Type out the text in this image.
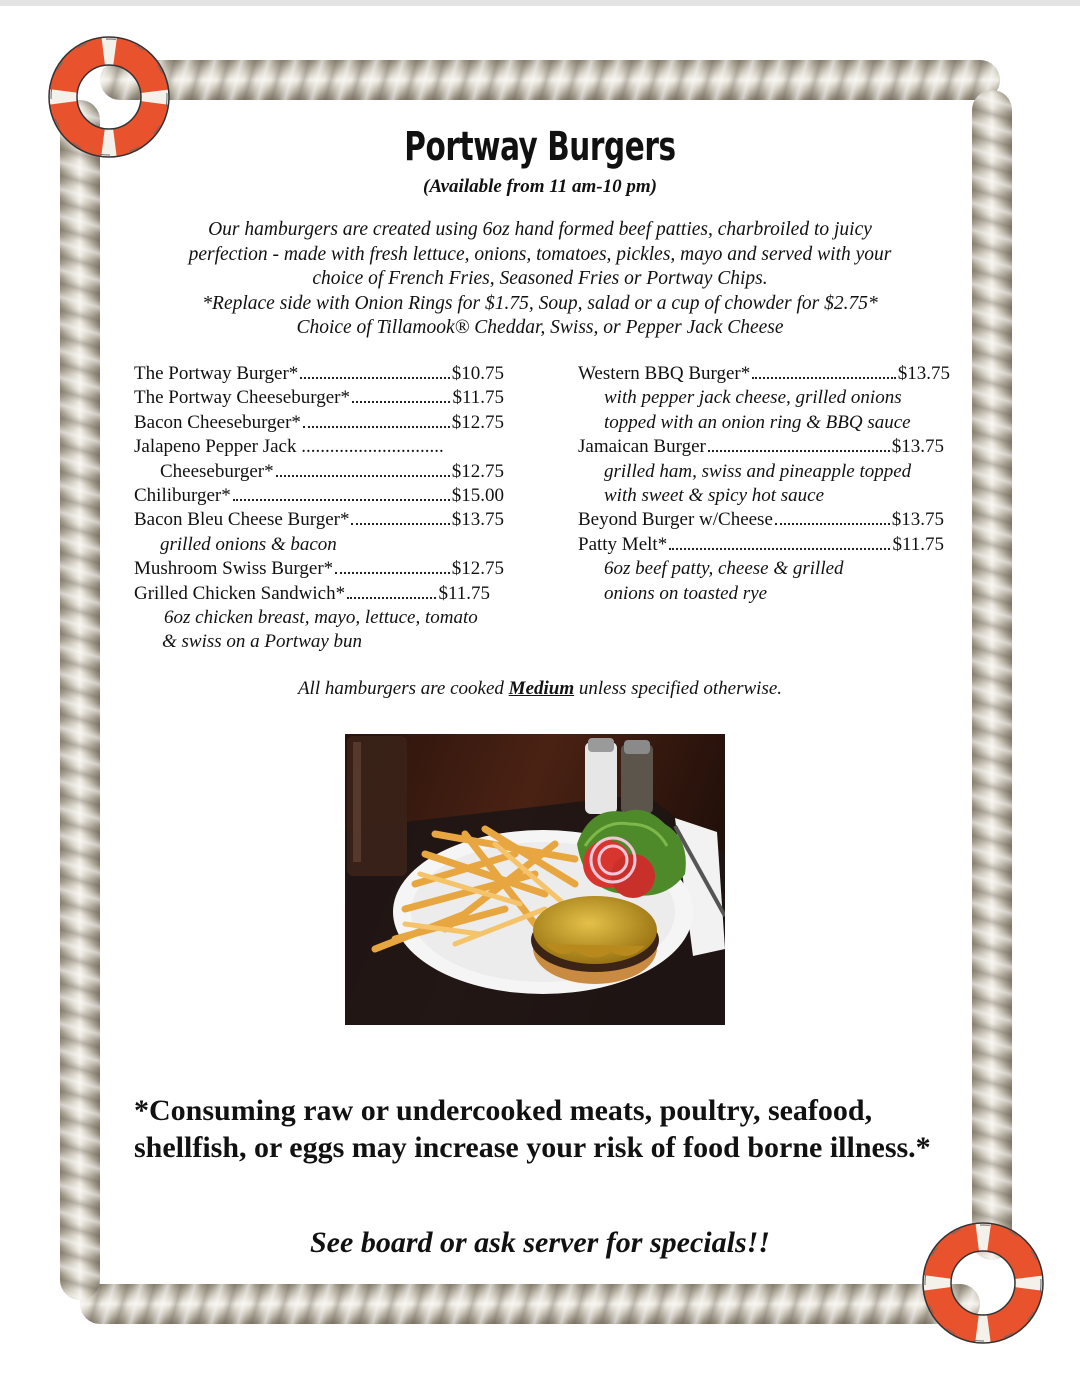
Portway Burgers
(Available from 11 am-10 pm)
Our hamburgers are created using 6oz hand formed beef patties, charbroiled to juicy
perfection - made with fresh lettuce, onions, tomatoes, pickles, mayo and served with your
choice of French Fries, Seasoned Fries or Portway Chips.
*Replace side with Onion Rings for $1.75, Soup, salad or a cup of chowder for $2.75*
Choice of Tillamook® Cheddar, Swiss, or Pepper Jack Cheese
The Portway Burger*	$10.75
The Portway Cheeseburger*	$11.75
Bacon Cheeseburger*	$12.75
Jalapeno Pepper Jack ..............................
Cheeseburger*	$12.75
Chiliburger*	$15.00
Bacon Bleu Cheese Burger*	$13.75
grilled onions & bacon
Mushroom Swiss Burger*	$12.75
Grilled Chicken Sandwich*	$11.75
6oz chicken breast, mayo, lettuce, tomato
& swiss on a Portway bun
Western BBQ Burger*	$13.75
with pepper jack cheese, grilled onions
topped with an onion ring & BBQ sauce
Jamaican Burger	$13.75
grilled ham, swiss and pineapple topped
with sweet & spicy hot sauce
Beyond Burger w/Cheese	$13.75
Patty Melt*	$11.75
6oz beef patty, cheese & grilled
onions on toasted rye
All hamburgers are cooked Medium unless specified otherwise.
*Consuming raw or undercooked meats, poultry, seafood, shellfish, or eggs may increase your risk of food borne illness.*
See board or ask server for specials!!
